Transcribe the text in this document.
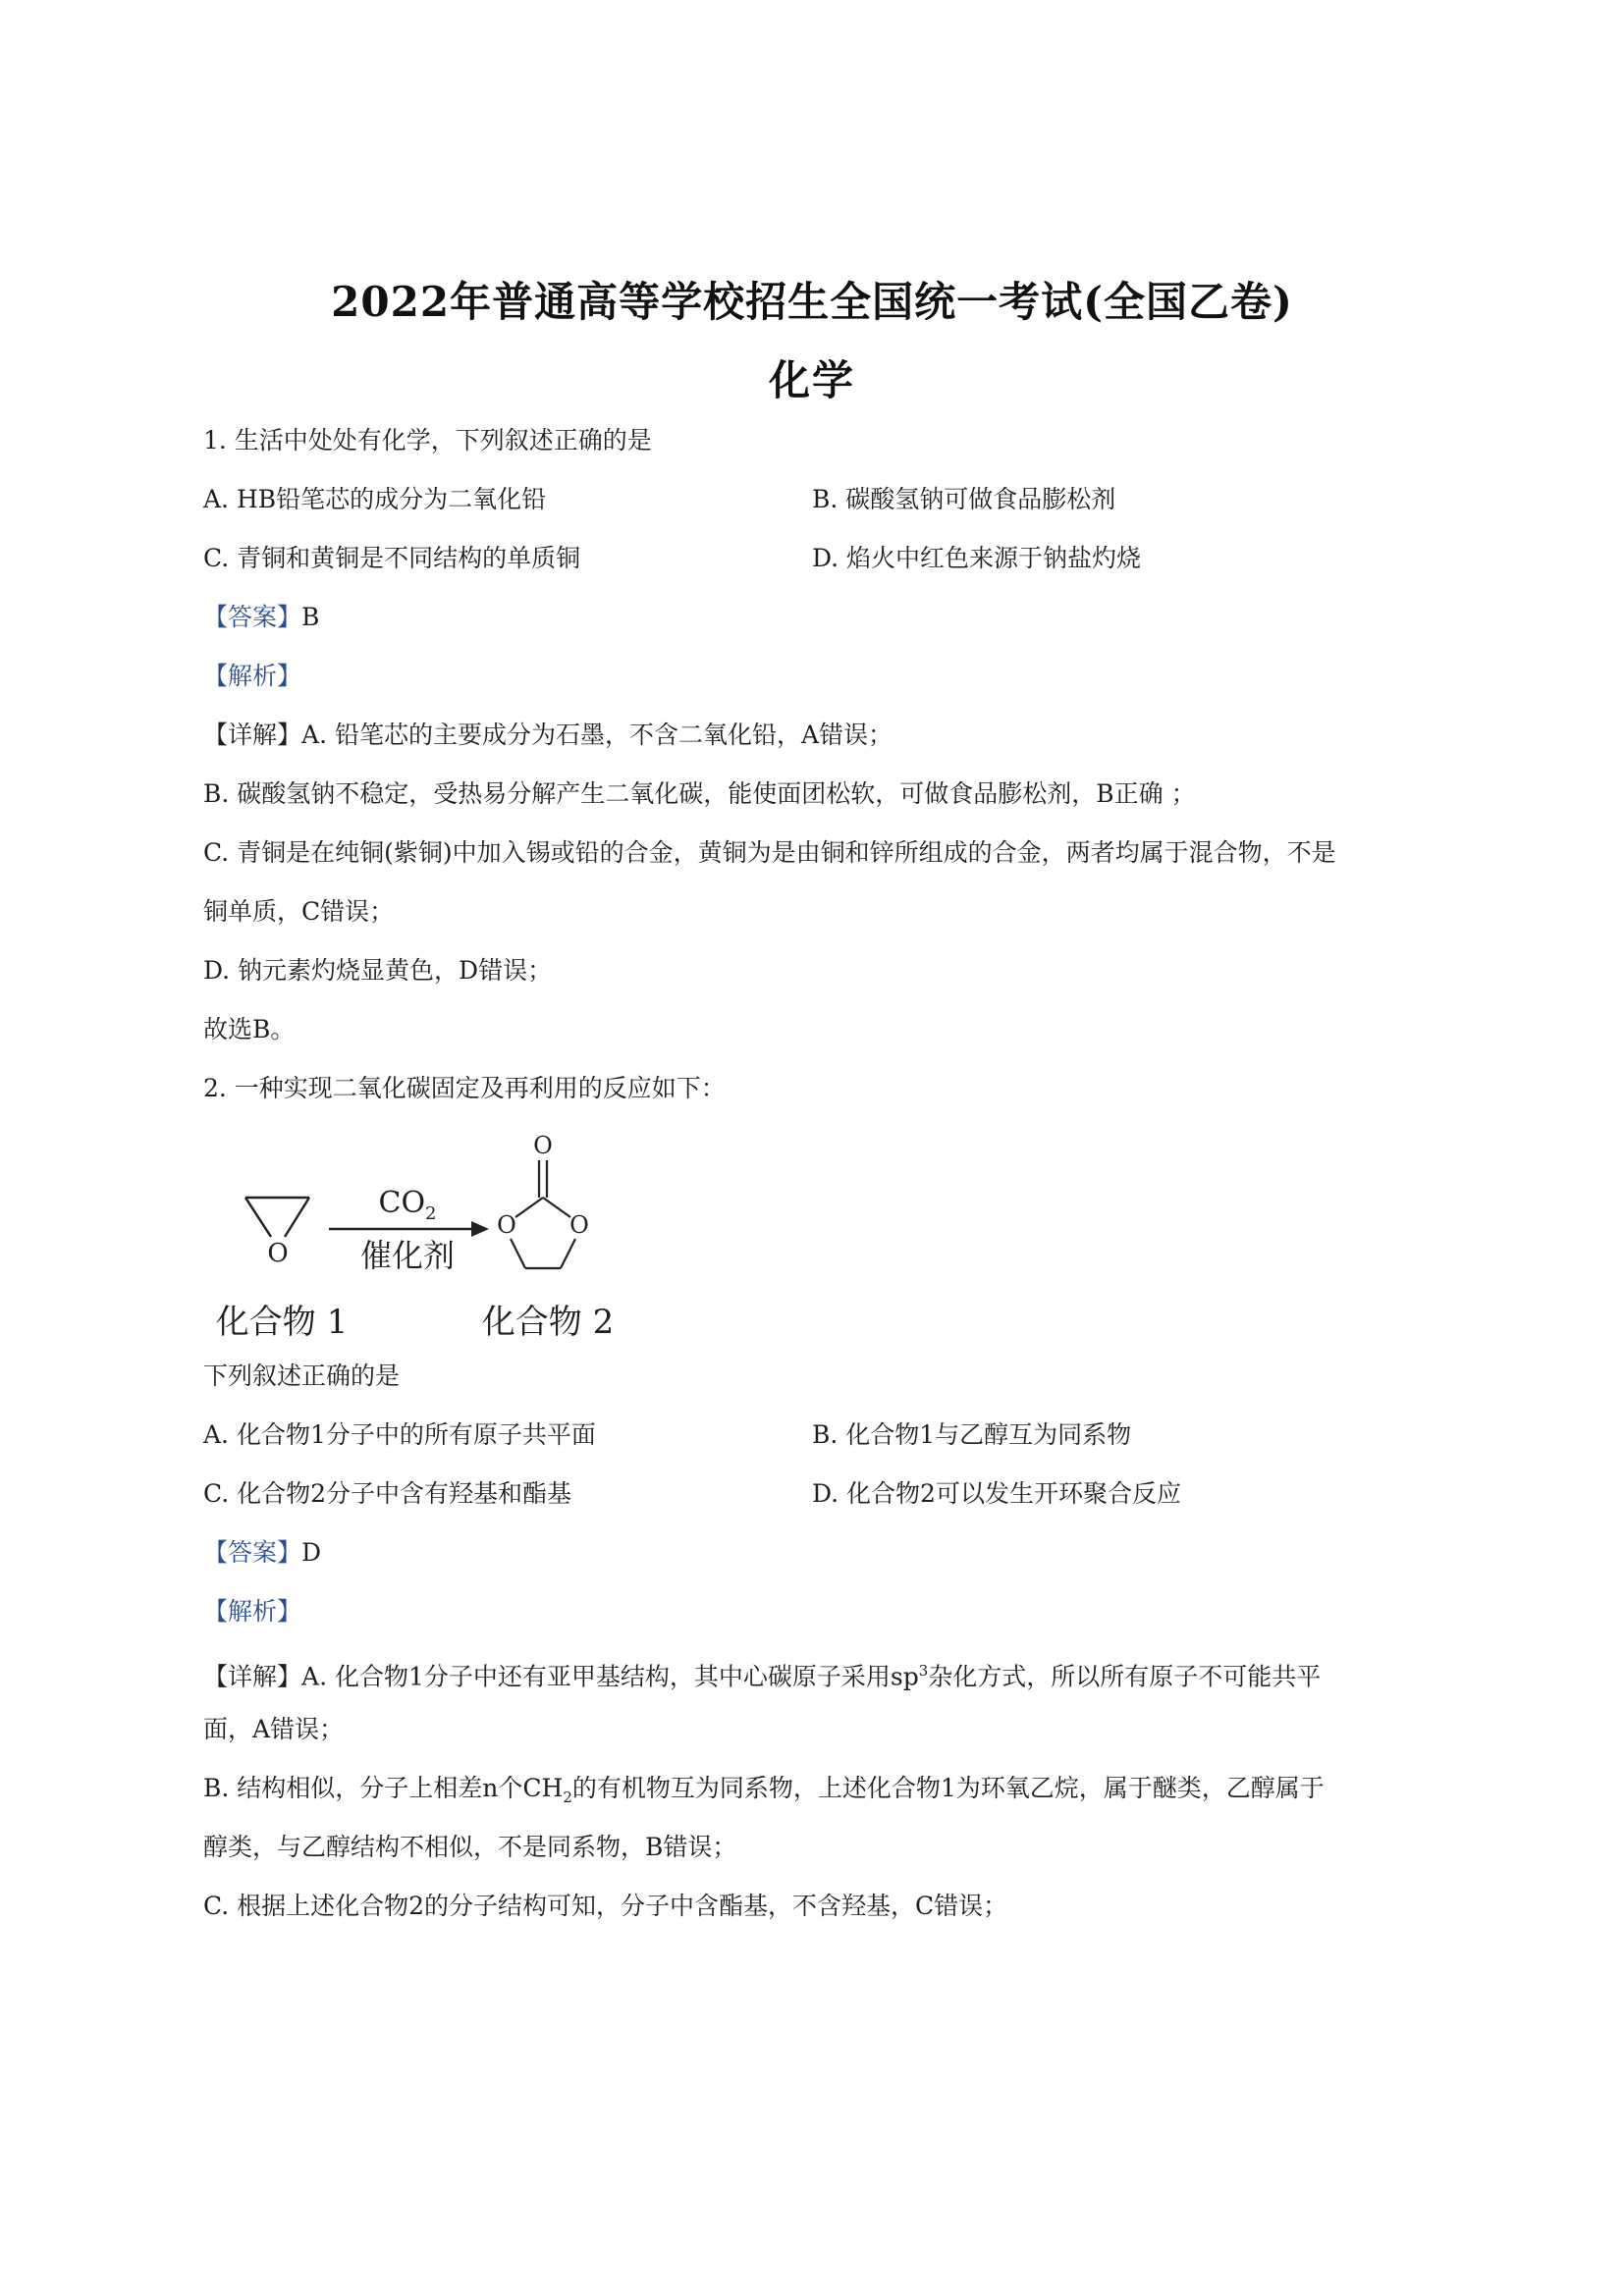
2022年普通高等学校招生全国统一考试(全国乙卷)
化学
1. 生活中处处有化学，下列叙述正确的是
A. HB铅笔芯的成分为二氧化铅	B. 碳酸氢钠可做食品膨松剂
C. 青铜和黄铜是不同结构的单质铜	D. 焰火中红色来源于钠盐灼烧
【答案】B
【解析】
【详解】A. 铅笔芯的主要成分为石墨，不含二氧化铅，A错误；
B. 碳酸氢钠不稳定，受热易分解产生二氧化碳，能使面团松软，可做食品膨松剂，B正确 ；
C. 青铜是在纯铜(紫铜)中加入锡或铅的合金，黄铜为是由铜和锌所组成的合金，两者均属于混合物，不是
铜单质，C错误；
D. 钠元素灼烧显黄色，D错误；
故选B。
2. 一种实现二氧化碳固定及再利用的反应如下：
O
$CO_2$
催化剂
O
O O
化合物 1	化合物 2
下列叙述正确的是
A. 化合物1分子中的所有原子共平面	B. 化合物1与乙醇互为同系物
C. 化合物2分子中含有羟基和酯基	D. 化合物2可以发生开环聚合反应
【答案】D
【解析】
【详解】A. 化合物1分子中还有亚甲基结构，其中心碳原子采用$sp^3$杂化方式，所以所有原子不可能共平
面，A错误；
B. 结构相似，分子上相差n个$CH_2$的有机物互为同系物，上述化合物1为环氧乙烷，属于醚类，乙醇属于
醇类，与乙醇结构不相似，不是同系物，B错误；
C. 根据上述化合物2的分子结构可知，分子中含酯基，不含羟基，C错误；
